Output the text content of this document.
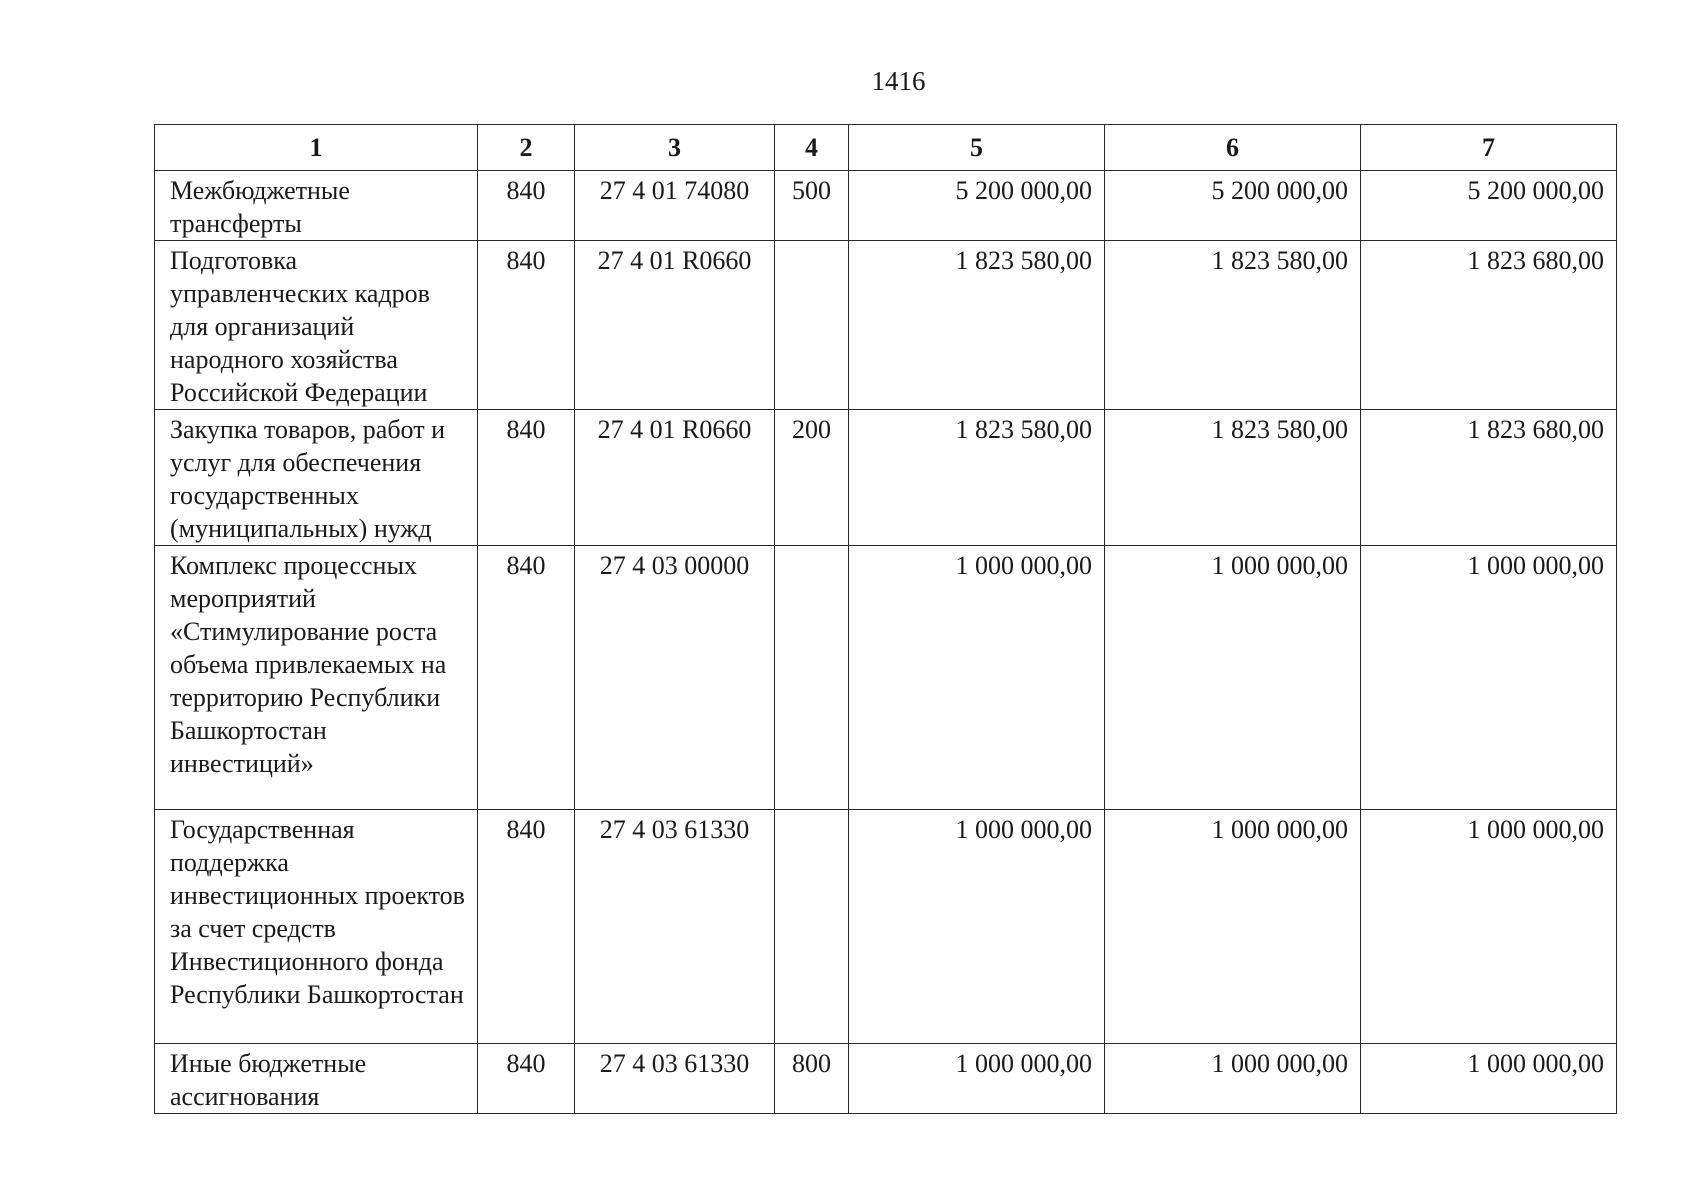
1416
1	2	3	4	5	6	7
Межбюджетные трансферты	840	27 4 01 74080	500	5 200 000,00	5 200 000,00	5 200 000,00
Подготовка управленческих кадров для организаций народного хозяйства Российской Федерации	840	27 4 01 R0660		1 823 580,00	1 823 580,00	1 823 680,00
Закупка товаров, работ и услуг для обеспечения государственных (муниципальных) нужд	840	27 4 01 R0660	200	1 823 580,00	1 823 580,00	1 823 680,00
Комплекс процессных мероприятий «Стимулирование роста объема привлекаемых на территорию Республики Башкортостан инвестиций»	840	27 4 03 00000		1 000 000,00	1 000 000,00	1 000 000,00
Государственная поддержка инвестиционных проектов за счет средств Инвестиционного фонда Республики Башкортостан	840	27 4 03 61330		1 000 000,00	1 000 000,00	1 000 000,00
Иные бюджетные ассигнования	840	27 4 03 61330	800	1 000 000,00	1 000 000,00	1 000 000,00
